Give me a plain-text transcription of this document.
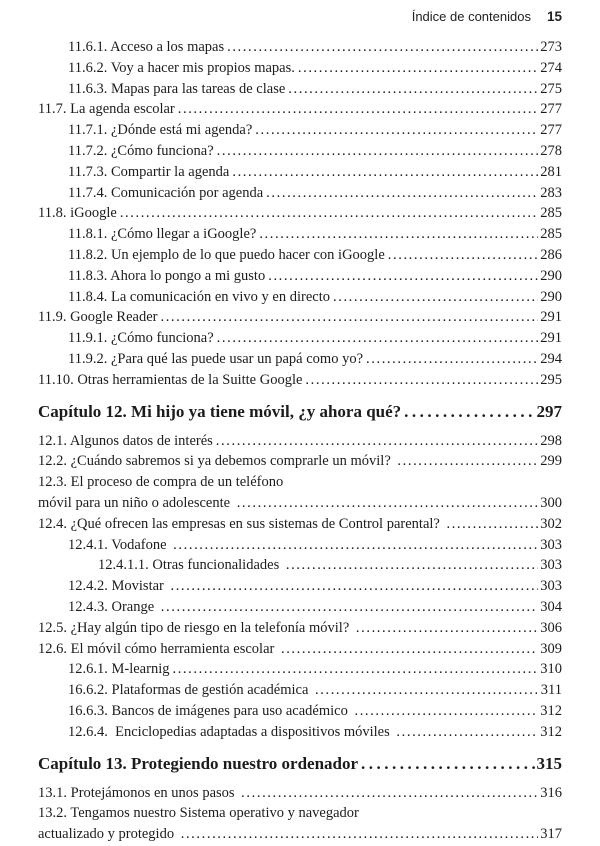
Índice de contenidos 15
11.6.1. Acceso a los mapas .....	273
11.6.2. Voy a hacer mis propios mapas. .....	274
11.6.3. Mapas para las tareas de clase .....	275
11.7. La agenda escolar .....	277
11.7.1. ¿Dónde está mi agenda? .....	277
11.7.2. ¿Cómo funciona? .....	278
11.7.3. Compartir la agenda .....	281
11.7.4. Comunicación por agenda .....	283
11.8. iGoogle .....	285
11.8.1. ¿Cómo llegar a iGoogle? .....	285
11.8.2. Un ejemplo de lo que puedo hacer con iGoogle .....	286
11.8.3. Ahora lo pongo a mi gusto .....	290
11.8.4. La comunicación en vivo y en directo .....	290
11.9. Google Reader .....	291
11.9.1. ¿Cómo funciona? .....	291
11.9.2. ¿Para qué las puede usar un papá como yo? .....	294
11.10. Otras herramientas de la Suitte Google .....	295
Capítulo 12. Mi hijo ya tiene móvil, ¿y ahora qué? .....	297
12.1. Algunos datos de interés .....	298
12.2. ¿Cuándo sabremos si ya debemos comprarle un móvil? .....	299
12.3. El proceso de compra de un teléfono
móvil para un niño o adolescente .....	300
12.4. ¿Qué ofrecen las empresas en sus sistemas de Control parental? .....	302
12.4.1. Vodafone .....	303
12.4.1.1. Otras funcionalidades .....	303
12.4.2. Movistar .....	303
12.4.3. Orange .....	304
12.5. ¿Hay algún tipo de riesgo en la telefonía móvil? .....	306
12.6. El móvil cómo herramienta escolar .....	309
12.6.1. M-learnig .....	310
16.6.2. Plataformas de gestión académica .....	311
16.6.3. Bancos de imágenes para uso académico .....	312
12.6.4.  Enciclopedias adaptadas a dispositivos móviles .....	312
Capítulo 13. Protegiendo nuestro ordenador .....	315
13.1. Protejámonos en unos pasos .....	316
13.2. Tengamos nuestro Sistema operativo y navegador
actualizado y protegido .....	317
